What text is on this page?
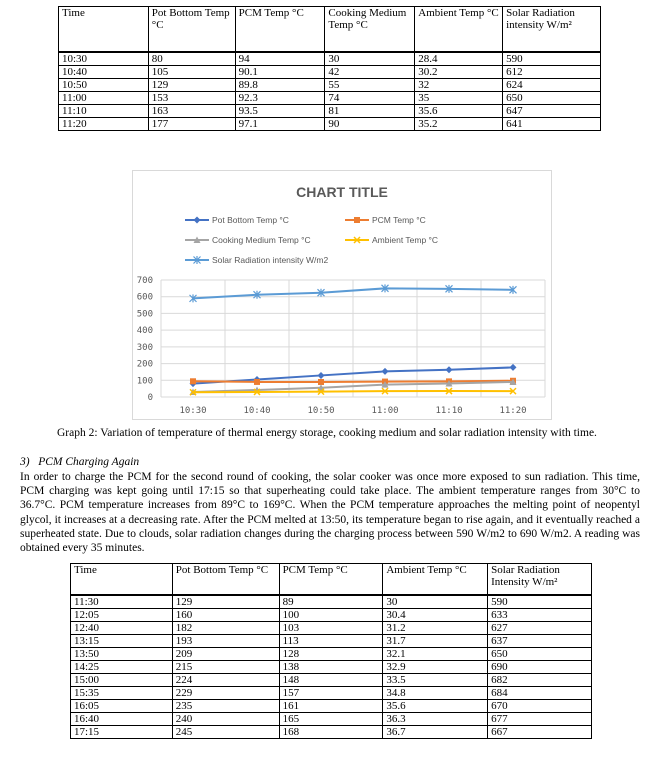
Time	Pot Bottom Temp °C	PCM Temp °C	Cooking Medium Temp °C	Ambient Temp °C	Solar Radiation intensity W/m²
10:30	80	94	30	28.4	590
10:40	105	90.1	42	30.2	612
10:50	129	89.8	55	32	624
11:00	153	92.3	74	35	650
11:10	163	93.5	81	35.6	647
11:20	177	97.1	90	35.2	641
CHART TITLE
0
100
200
300
400
500
600
700
10:30	10:40	10:50	11:00	11:10	11:20
Pot Bottom Temp °C	PCM Temp °C
Cooking Medium Temp °C	Ambient Temp °C
Solar Radiation intensity W/m2
Graph 2: Variation of temperature of thermal energy storage, cooking medium and solar radiation intensity with time.
3)   PCM Charging Again

In order to charge the PCM for the second round of cooking, the solar cooker was once more exposed to sun radiation. This time, PCM charging was kept going until 17:15 so that superheating could take place. The ambient temperature ranges from 30°C to 36.7°C. PCM temperature increases from 89°C to 169°C. When the PCM temperature approaches the melting point of neopentyl glycol, it increases at a decreasing rate. After the PCM melted at 13:50, its temperature began to rise again, and it eventually reached a superheated state. Due to clouds, solar radiation changes during the charging process between 590 W/m2 to 690 W/m2. A reading was obtained every 35 minutes.

Time	Pot Bottom Temp °C	PCM Temp °C	Ambient Temp °C	Solar Radiation Intensity W/m²
11:30	129	89	30	590
12:05	160	100	30.4	633
12:40	182	103	31.2	627
13:15	193	113	31.7	637
13:50	209	128	32.1	650
14:25	215	138	32.9	690
15:00	224	148	33.5	682
15:35	229	157	34.8	684
16:05	235	161	35.6	670
16:40	240	165	36.3	677
17:15	245	168	36.7	667
